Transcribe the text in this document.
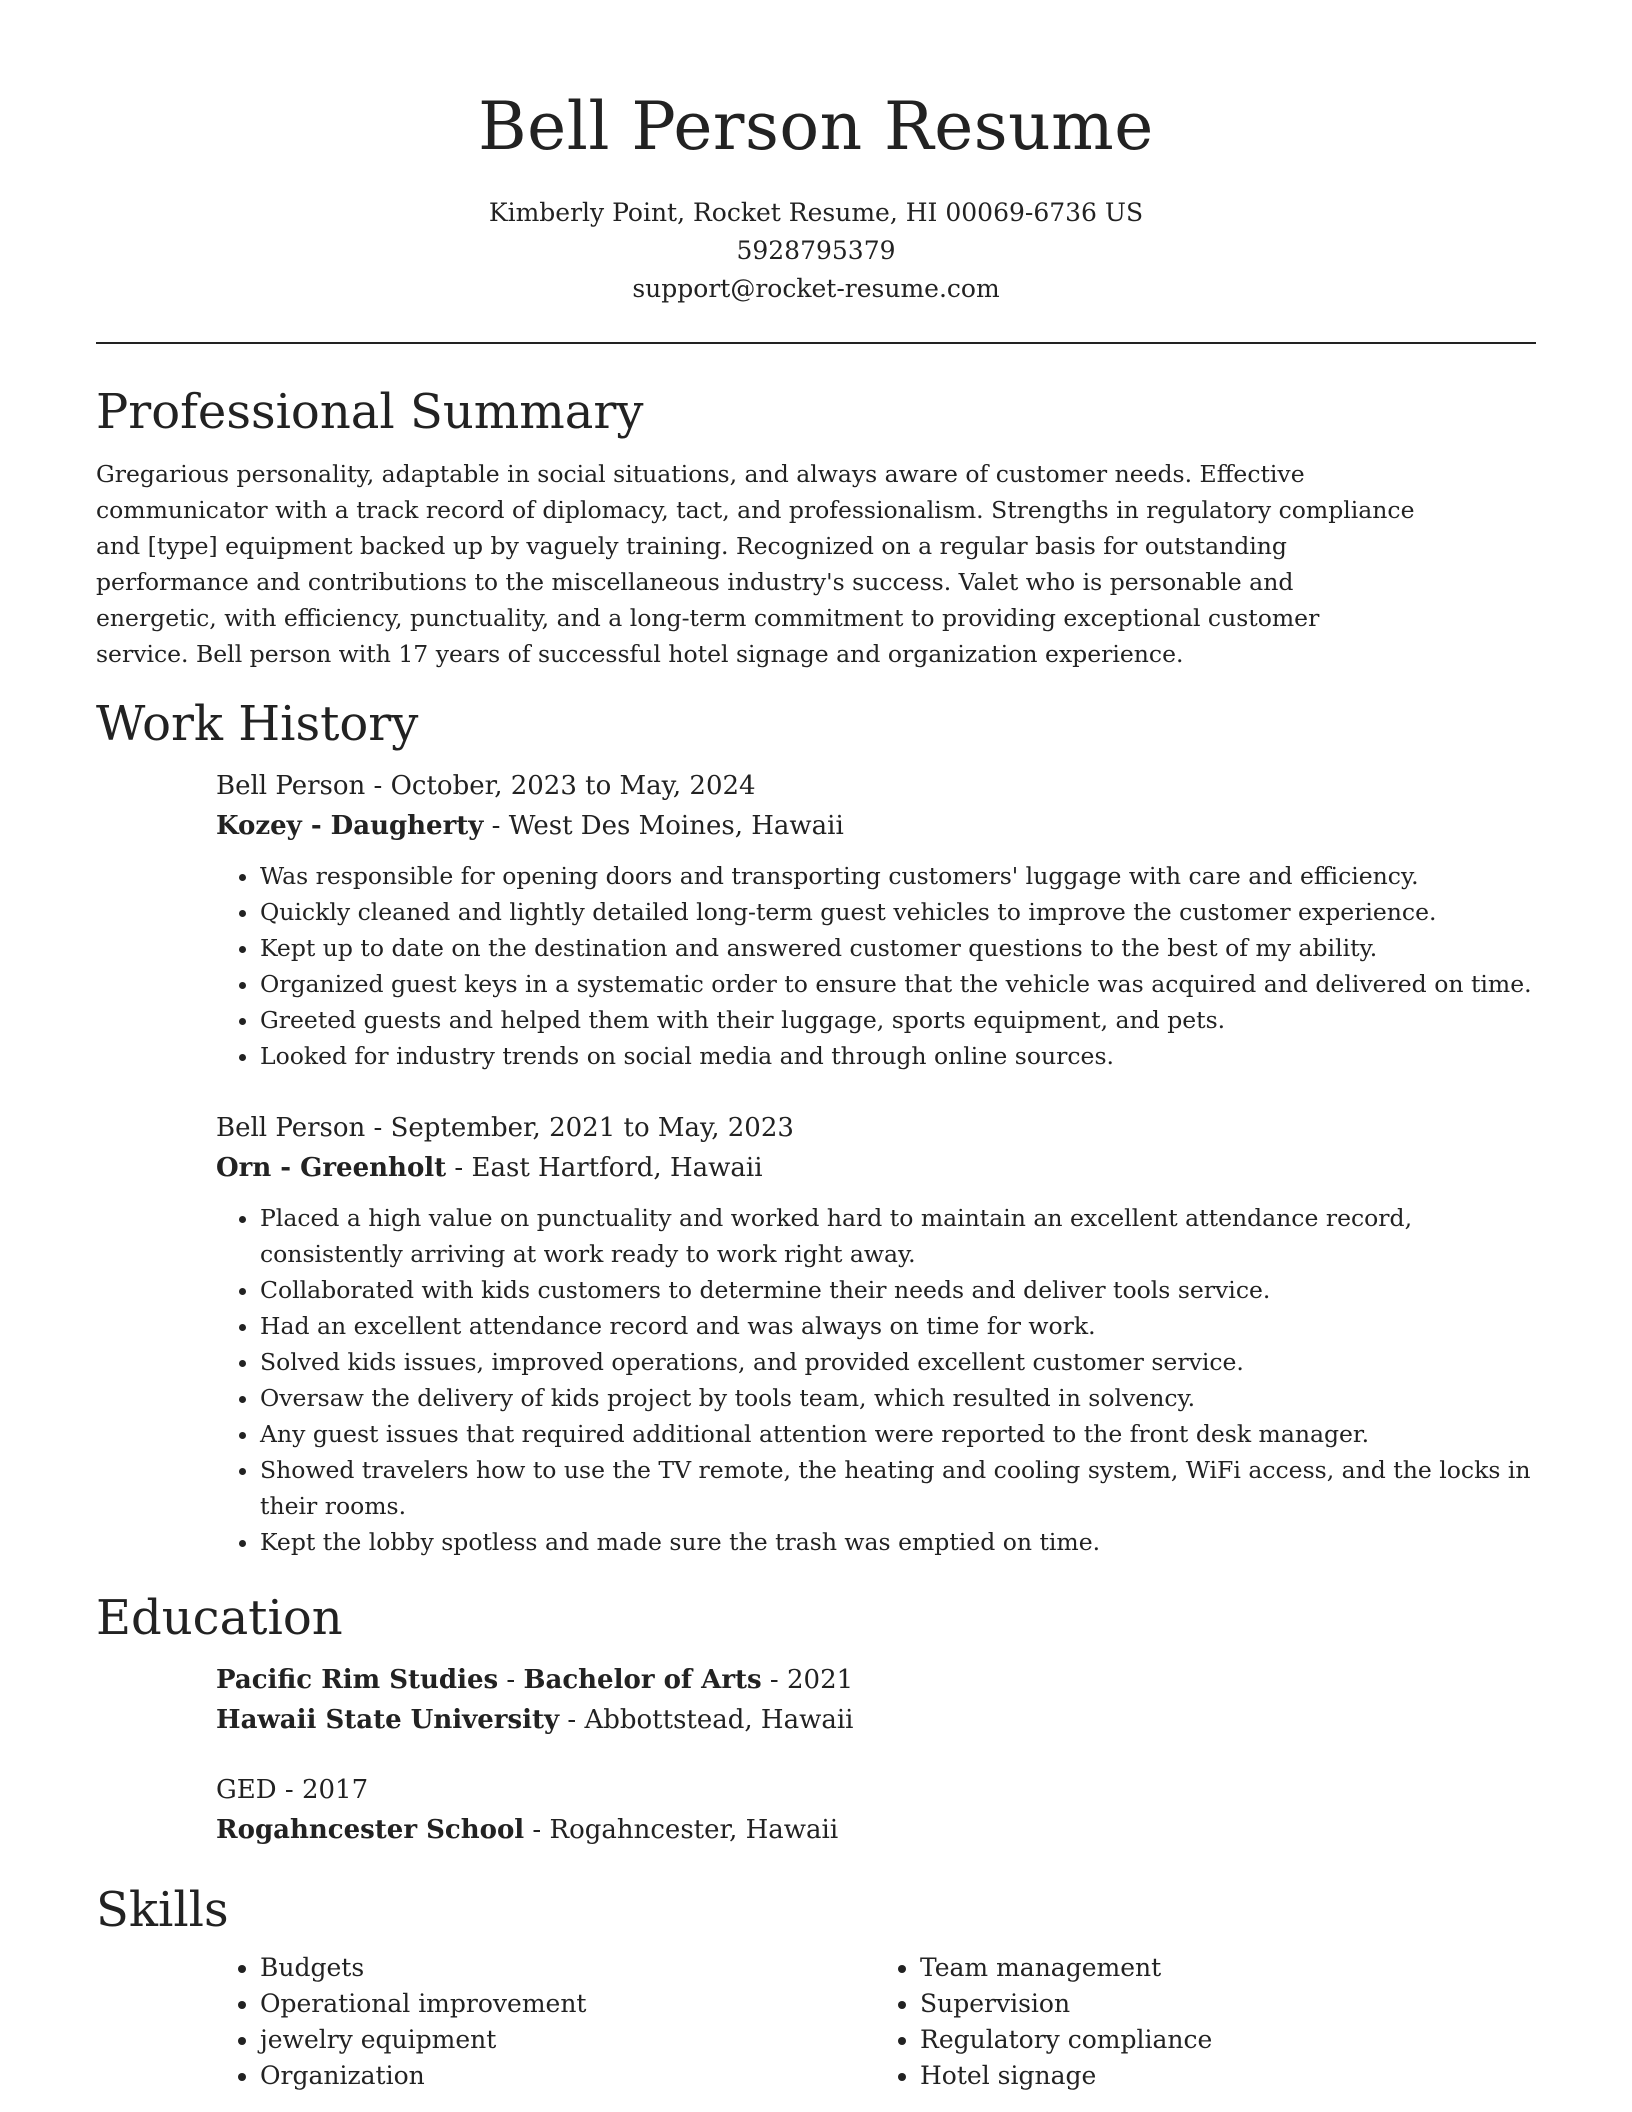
Bell Person Resume
Kimberly Point, Rocket Resume, HI 00069-6736 US
5928795379
support@rocket-resume.com
Professional Summary

Gregarious personality, adaptable in social situations, and always aware of customer needs. Effective communicator with a track record of diplomacy, tact, and professionalism. Strengths in regulatory compliance and [type] equipment backed up by vaguely training. Recognized on a regular basis for outstanding performance and contributions to the miscellaneous industry's success. Valet who is personable and energetic, with efficiency, punctuality, and a long-term commitment to providing exceptional customer service. Bell person with 17 years of successful hotel signage and organization experience.

Work History
Bell Person - October, 2023 to May, 2024
Kozey - Daugherty - West Des Moines, Hawaii
• Was responsible for opening doors and transporting customers' luggage with care and efficiency.
• Quickly cleaned and lightly detailed long-term guest vehicles to improve the customer experience.
• Kept up to date on the destination and answered customer questions to the best of my ability.
• Organized guest keys in a systematic order to ensure that the vehicle was acquired and delivered on time.
• Greeted guests and helped them with their luggage, sports equipment, and pets.
• Looked for industry trends on social media and through online sources.
Bell Person - September, 2021 to May, 2023
Orn - Greenholt - East Hartford, Hawaii
• Placed a high value on punctuality and worked hard to maintain an excellent attendance record, consistently arriving at work ready to work right away.
• Collaborated with kids customers to determine their needs and deliver tools service.
• Had an excellent attendance record and was always on time for work.
• Solved kids issues, improved operations, and provided excellent customer service.
• Oversaw the delivery of kids project by tools team, which resulted in solvency.
• Any guest issues that required additional attention were reported to the front desk manager.
• Showed travelers how to use the TV remote, the heating and cooling system, WiFi access, and the locks in their rooms.
• Kept the lobby spotless and made sure the trash was emptied on time.
Education
Pacific Rim Studies - Bachelor of Arts - 2021
Hawaii State University - Abbottstead, Hawaii
GED - 2017
Rogahncester School - Rogahncester, Hawaii
Skills
• Budgets
• Operational improvement
• jewelry equipment
• Organization
• Team management
• Supervision
• Regulatory compliance
• Hotel signage
